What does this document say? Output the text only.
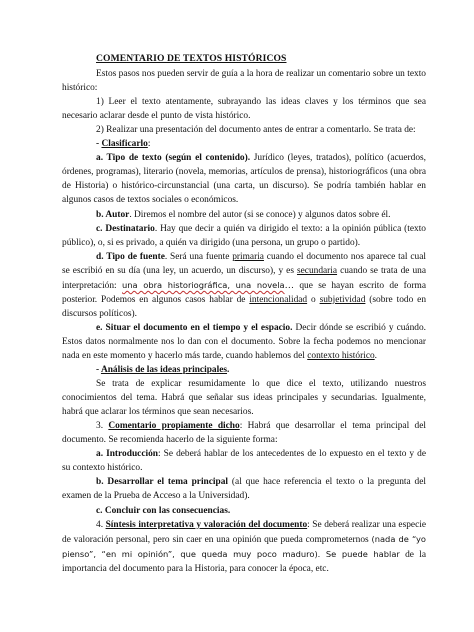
COMENTARIO DE TEXTOS HISTÓRICOS

Estos pasos nos pueden servir de guía a la hora de realizar un comentario sobre un texto histórico:

1) Leer el texto atentamente, subrayando las ideas claves y los términos que sea necesario aclarar desde el punto de vista histórico.

2) Realizar una presentación del documento antes de entrar a comentarlo. Se trata de:

- Clasificarlo:

a. Tipo de texto (según el contenido). Jurídico (leyes, tratados), político (acuerdos, órdenes, programas), literario (novela, memorias, artículos de prensa), historiográficos (una obra de Historia) o histórico-circunstancial (una carta, un discurso). Se podría también hablar en algunos casos de textos sociales o económicos.

b. Autor. Diremos el nombre del autor (si se conoce) y algunos datos sobre él.

c. Destinatario. Hay que decir a quién va dirigido el texto: a la opinión pública (texto público), o, si es privado, a quién va dirigido (una persona, un grupo o partido).

d. Tipo de fuente. Será una fuente primaria cuando el documento nos aparece tal cual se escribió en su día (una ley, un acuerdo, un discurso), y es secundaria cuando se trata de una interpretación: una obra historiográfica, una novela… que se hayan escrito de forma posterior. Podemos en algunos casos hablar de intencionalidad o subjetividad (sobre todo en discursos políticos).

e. Situar el documento en el tiempo y el espacio. Decir dónde se escribió y cuándo. Estos datos normalmente nos lo dan con el documento. Sobre la fecha podemos no mencionar nada en este momento y hacerlo más tarde, cuando hablemos del contexto histórico.

- Análisis de las ideas principales.

Se trata de explicar resumidamente lo que dice el texto, utilizando nuestros conocimientos del tema. Habrá que señalar sus ideas principales y secundarias. Igualmente, habrá que aclarar los términos que sean necesarios.

3. Comentario propiamente dicho: Habrá que desarrollar el tema principal del documento. Se recomienda hacerlo de la siguiente forma:

a. Introducción: Se deberá hablar de los antecedentes de lo expuesto en el texto y de su contexto histórico.

b. Desarrollar el tema principal (al que hace referencia el texto o la pregunta del examen de la Prueba de Acceso a la Universidad).

c. Concluir con las consecuencias.

4. Síntesis interpretativa y valoración del documento: Se deberá realizar una especie de valoración personal, pero sin caer en una opinión que pueda comprometernos (nada de “yo pienso”, “en mi opinión”, que queda muy poco maduro). Se puede hablar de la importancia del documento para la Historia, para conocer la época, etc.
